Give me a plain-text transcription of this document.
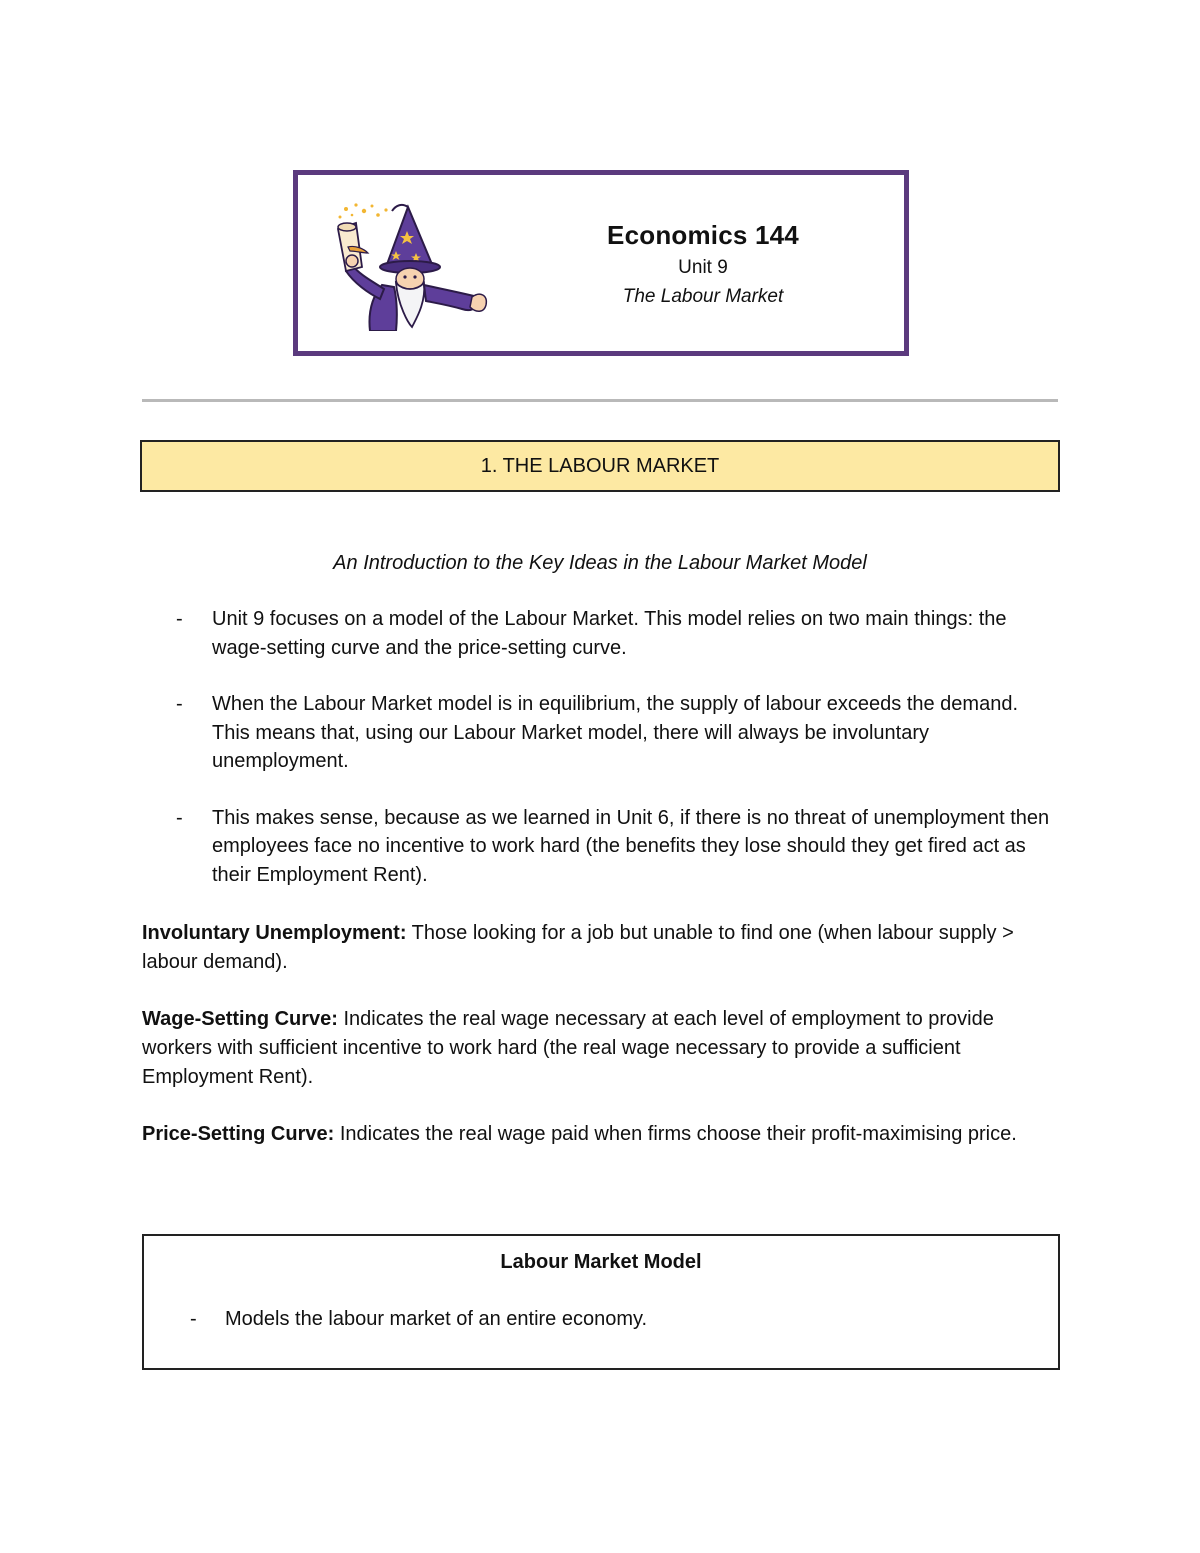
Economics 144
Unit 9
The Labour Market
1. THE LABOUR MARKET
An Introduction to the Key Ideas in the Labour Market Model
- Unit 9 focuses on a model of the Labour Market. This model relies on two main things: the wage-setting curve and the price-setting curve.
- When the Labour Market model is in equilibrium, the supply of labour exceeds the demand. This means that, using our Labour Market model, there will always be involuntary unemployment.
- This makes sense, because as we learned in Unit 6, if there is no threat of unemployment then employees face no incentive to work hard (the benefits they lose should they get fired act as their Employment Rent).
Involuntary Unemployment: Those looking for a job but unable to find one (when labour supply > labour demand).
Wage-Setting Curve: Indicates the real wage necessary at each level of employment to provide workers with sufficient incentive to work hard (the real wage necessary to provide a sufficient Employment Rent).
Price-Setting Curve: Indicates the real wage paid when firms choose their profit-maximising price.
Labour Market Model
- Models the labour market of an entire economy.
